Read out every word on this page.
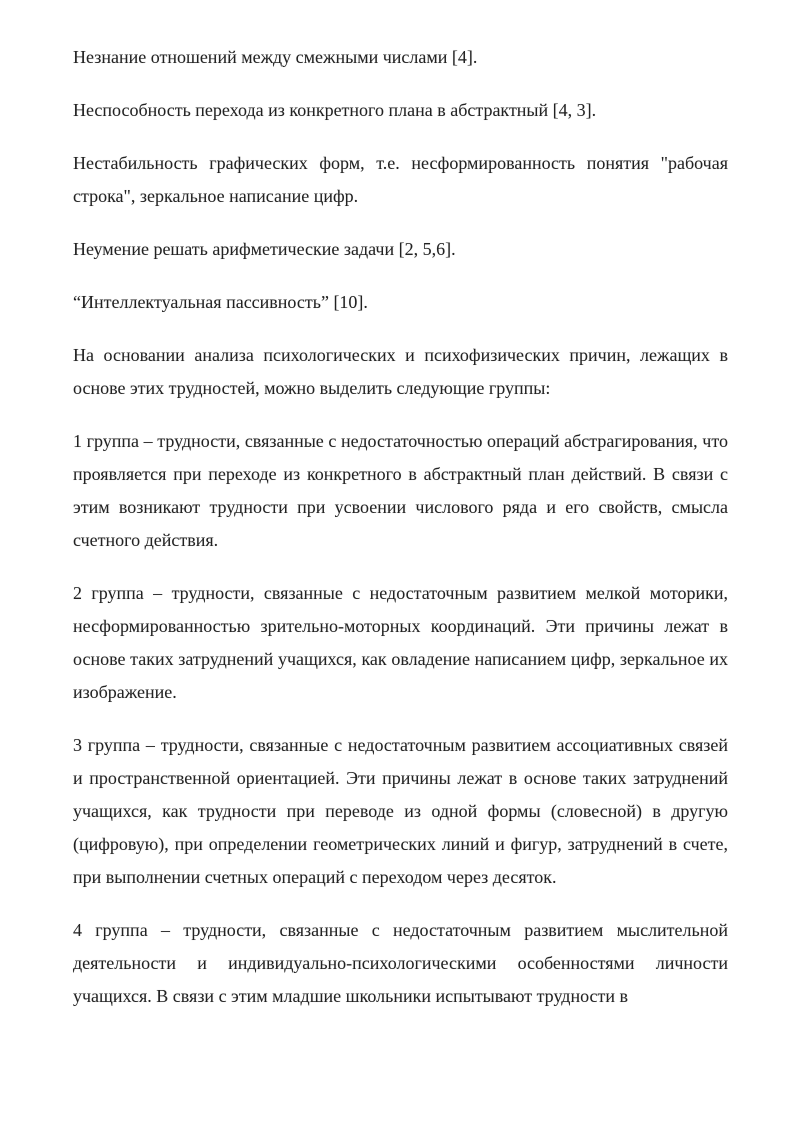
Незнание отношений между смежными числами [4].

Неспособность перехода из конкретного плана в абстрактный [4, 3].

Нестабильность графических форм, т.е. несформированность понятия "рабочая строка", зеркальное написание цифр.

Неумение решать арифметические задачи [2, 5,6].

“Интеллектуальная пассивность” [10].

На основании анализа психологических и психофизических причин, лежащих в основе этих трудностей, можно выделить следующие группы:

1 группа – трудности, связанные с недостаточностью операций абстрагирования, что проявляется при переходе из конкретного в абстрактный план действий. В связи с этим возникают трудности при усвоении числового ряда и его свойств, смысла счетного действия.

2 группа – трудности, связанные с недостаточным развитием мелкой моторики, несформированностью зрительно-моторных координаций. Эти причины лежат в основе таких затруднений учащихся, как овладение написанием цифр, зеркальное их изображение.

3 группа – трудности, связанные с недостаточным развитием ассоциативных связей и пространственной ориентацией. Эти причины лежат в основе таких затруднений учащихся, как трудности при переводе из одной формы (словесной) в другую (цифровую), при определении геометрических линий и фигур, затруднений в счете, при выполнении счетных операций с переходом через десяток.

4 группа – трудности, связанные с недостаточным развитием мыслительной деятельности и индивидуально-психологическими особенностями личности учащихся. В связи с этим младшие школьники испытывают трудности в
